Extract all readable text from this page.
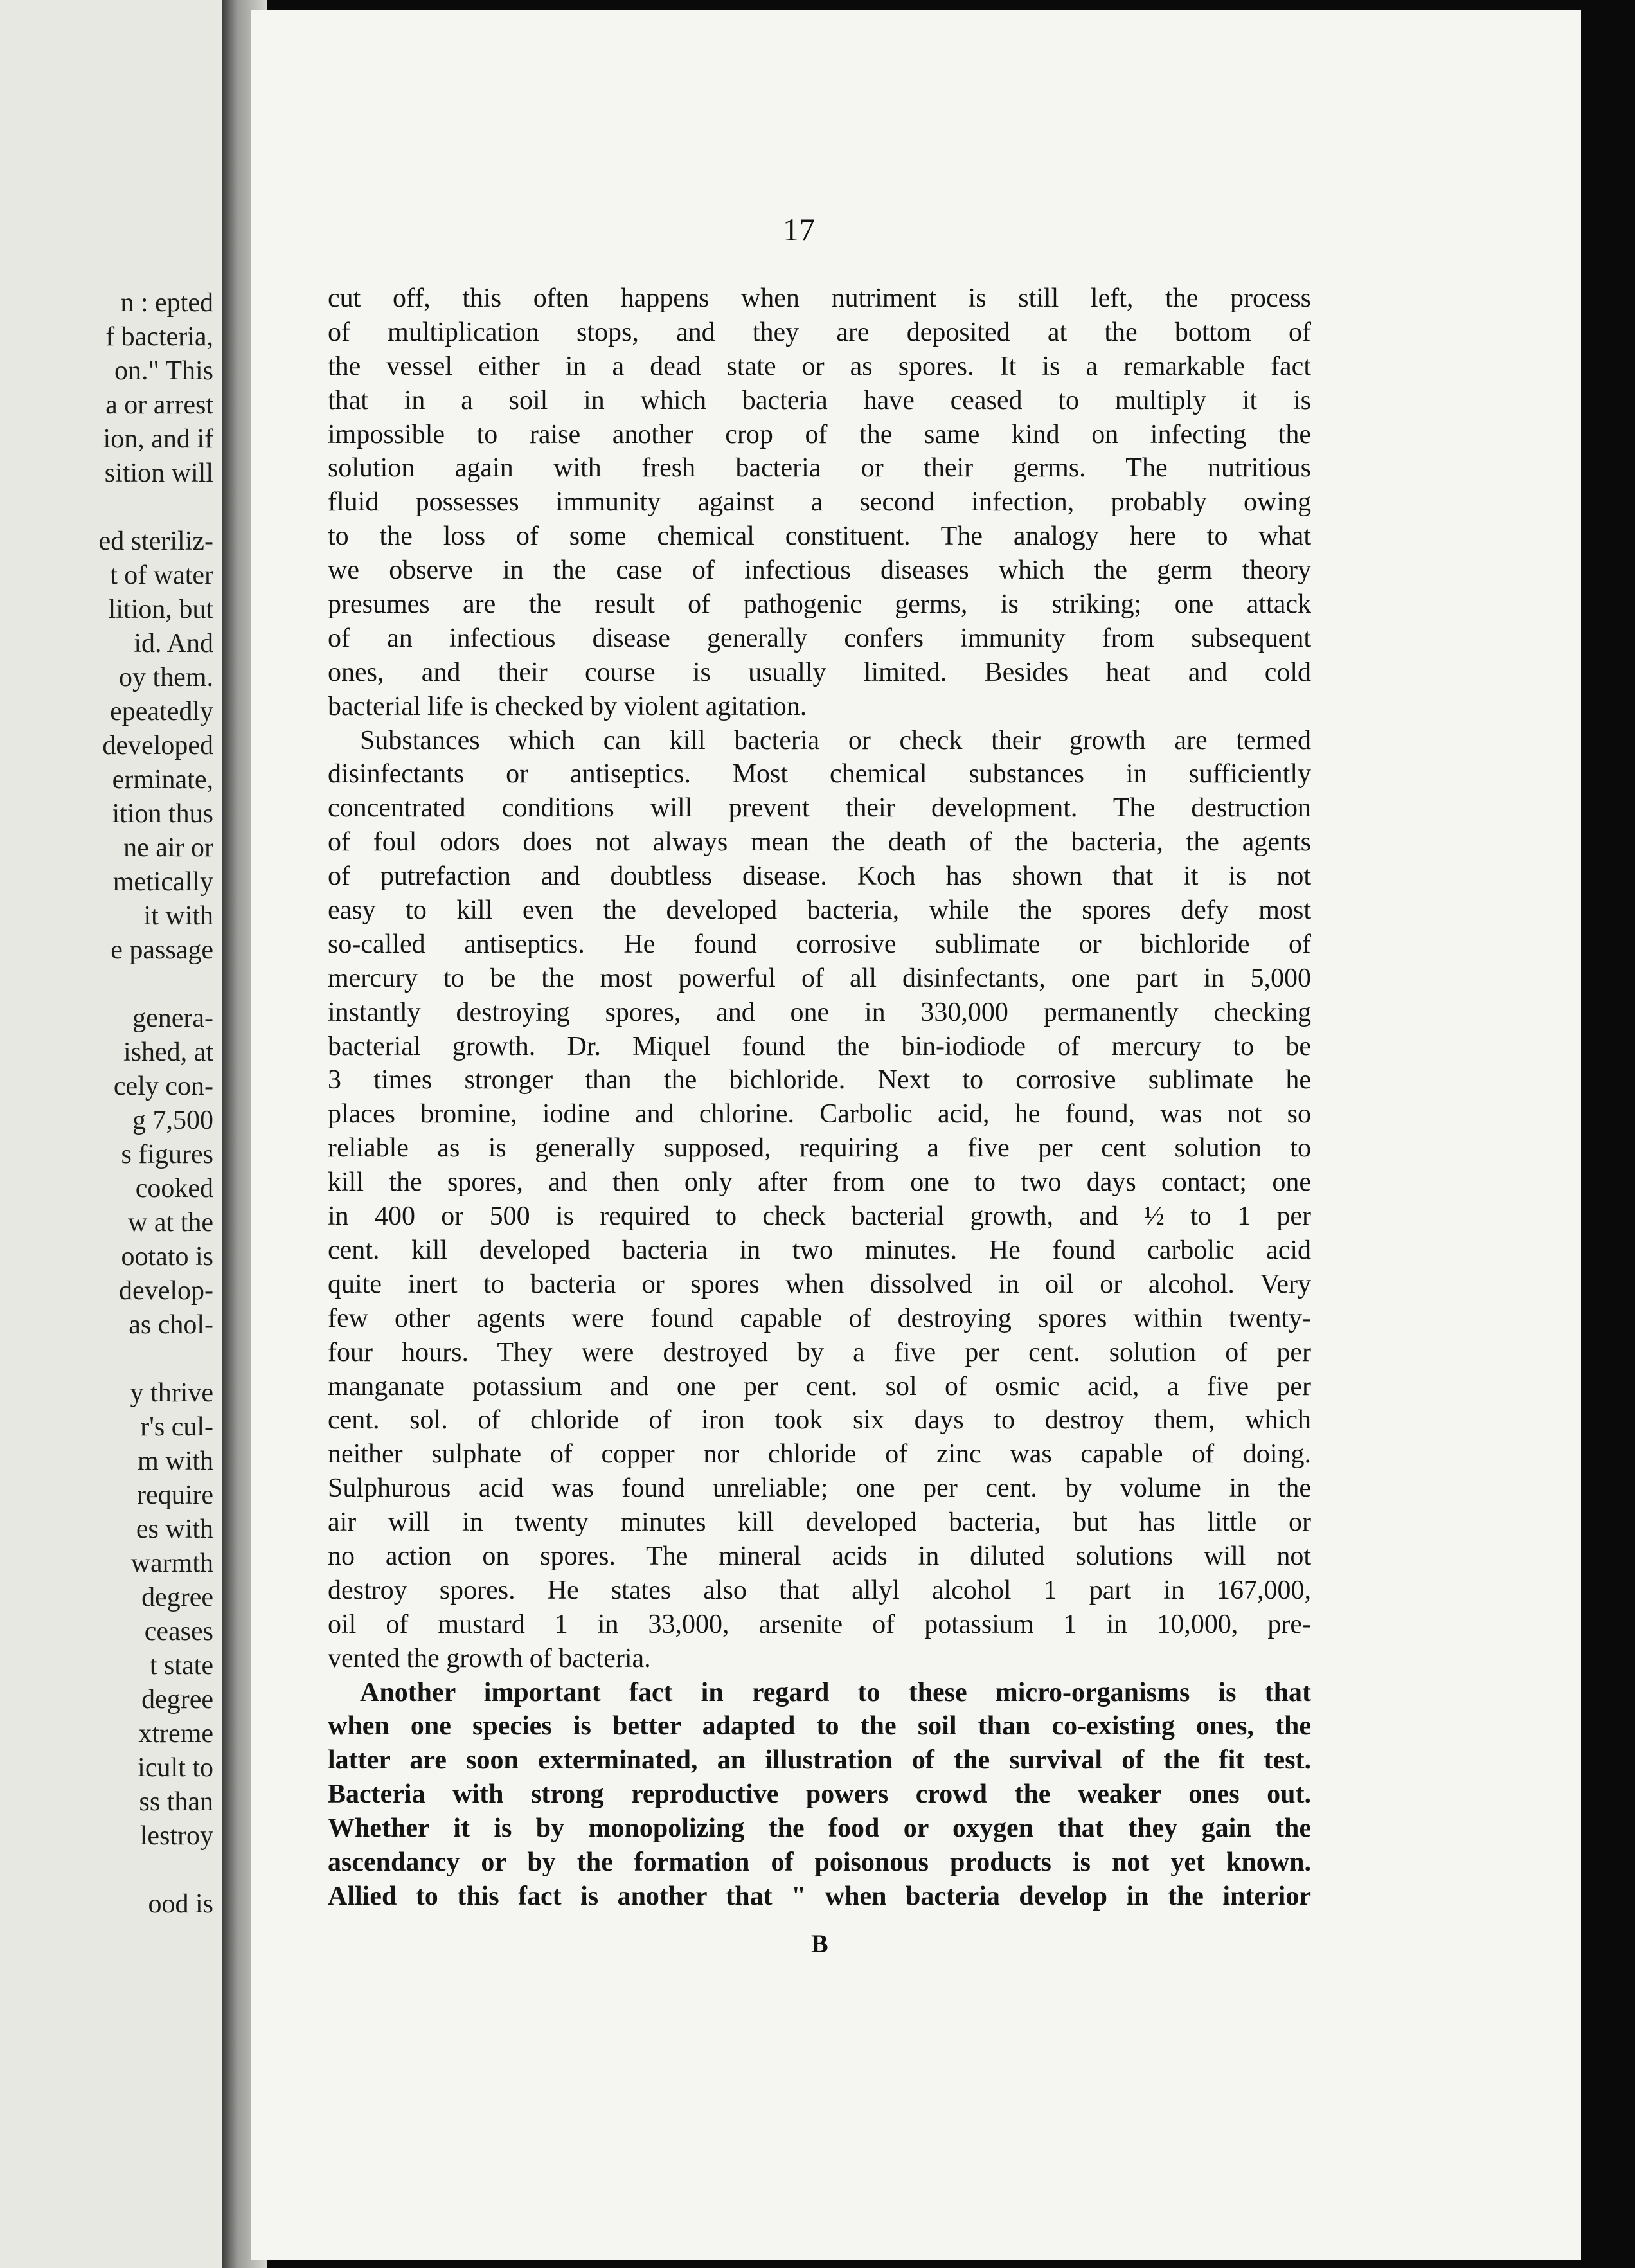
n : epted
f bacteria,
on." This
a or arrest
ion, and if
sition will
ed steriliz-
t of water
lition, but
id. And
oy them.
epeatedly
developed
erminate,
ition thus
ne air or
metically
it with
e passage
genera-
ished, at
cely con-
g 7,500
s figures
cooked
w at the
ootato is
develop-
as chol-
y thrive
r's cul-
m with
require
es with
warmth
degree
ceases
t state
degree
xtreme
icult to
ss than
lestroy
ood is
17
cut off, this often happens when nutriment is still left, the process
of multiplication stops, and they are deposited at the bottom of
the vessel either in a dead state or as spores. It is a remarkable fact
that in a soil in which bacteria have ceased to multiply it is
impossible to raise another crop of the same kind on infecting the
solution again with fresh bacteria or their germs. The nutritious
fluid possesses immunity against a second infection, probably owing
to the loss of some chemical constituent. The analogy here to what
we observe in the case of infectious diseases which the germ theory
presumes are the result of pathogenic germs, is striking; one attack
of an infectious disease generally confers immunity from subsequent
ones, and their course is usually limited. Besides heat and cold
bacterial life is checked by violent agitation.
Substances which can kill bacteria or check their growth are termed
disinfectants or antiseptics. Most chemical substances in sufficiently
concentrated conditions will prevent their development. The destruction
of foul odors does not always mean the death of the bacteria, the agents
of putrefaction and doubtless disease. Koch has shown that it is not
easy to kill even the developed bacteria, while the spores defy most
so-called antiseptics. He found corrosive sublimate or bichloride of
mercury to be the most powerful of all disinfectants, one part in 5,000
instantly destroying spores, and one in 330,000 permanently checking
bacterial growth. Dr. Miquel found the bin-iodiode of mercury to be
3 times stronger than the bichloride. Next to corrosive sublimate he
places bromine, iodine and chlorine. Carbolic acid, he found, was not so
reliable as is generally supposed, requiring a five per cent solution to
kill the spores, and then only after from one to two days contact; one
in 400 or 500 is required to check bacterial growth, and ½ to 1 per
cent. kill developed bacteria in two minutes. He found carbolic acid
quite inert to bacteria or spores when dissolved in oil or alcohol. Very
few other agents were found capable of destroying spores within twenty-
four hours. They were destroyed by a five per cent. solution of per
manganate potassium and one per cent. sol of osmic acid, a five per
cent. sol. of chloride of iron took six days to destroy them, which
neither sulphate of copper nor chloride of zinc was capable of doing.
Sulphurous acid was found unreliable; one per cent. by volume in the
air will in twenty minutes kill developed bacteria, but has little or
no action on spores. The mineral acids in diluted solutions will not
destroy spores. He states also that allyl alcohol 1 part in 167,000,
oil of mustard 1 in 33,000, arsenite of potassium 1 in 10,000, pre-
vented the growth of bacteria.
Another important fact in regard to these micro-organisms is that
when one species is better adapted to the soil than co-existing ones, the
latter are soon exterminated, an illustration of the survival of the fit test.
Bacteria with strong reproductive powers crowd the weaker ones out.
Whether it is by monopolizing the food or oxygen that they gain the
ascendancy or by the formation of poisonous products is not yet known.
Allied to this fact is another that " when bacteria develop in the interior
B
